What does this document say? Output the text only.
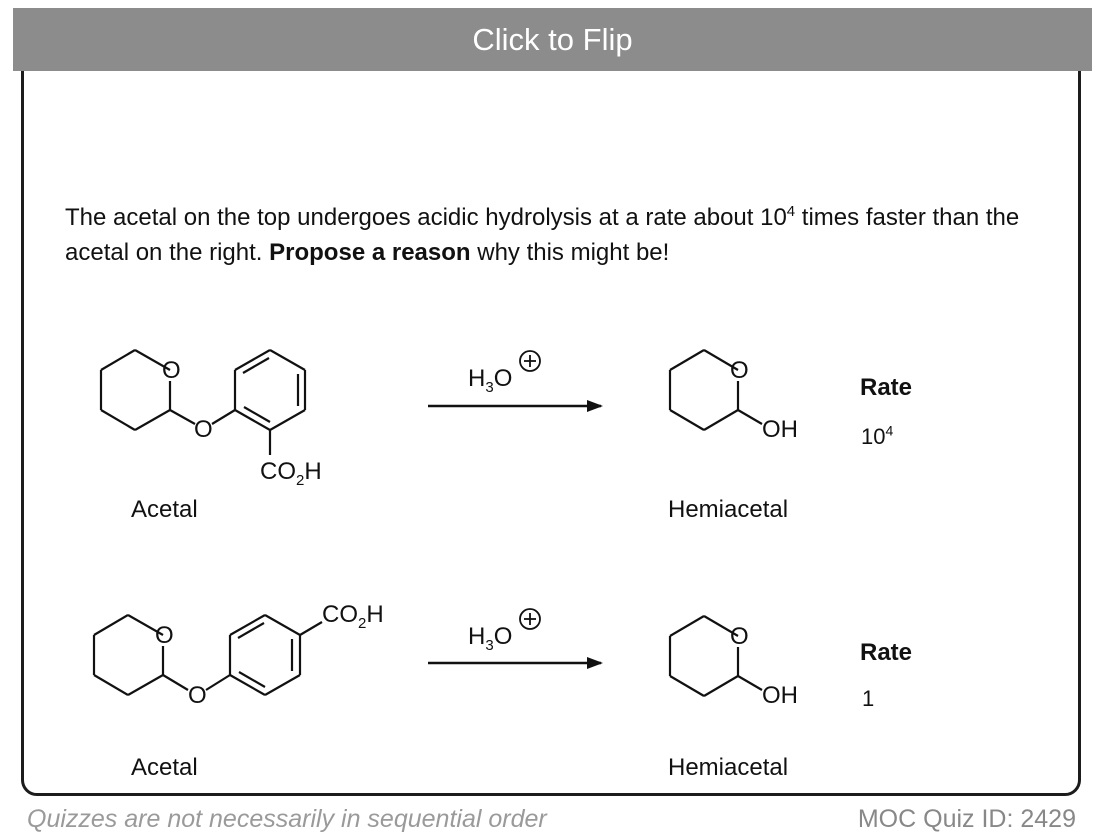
Click to Flip

The acetal on the top undergoes acidic hydrolysis at a rate about $10^4$ times faster than the acetal on the right. Propose a reason why this might be!

O
O
$CO_2H$
$H_3O$	O
OH
O
O
$CO_2H$
$H_3O$	O
OH
Acetal	Hemiacetal
Rate
$10^4$
Acetal	Hemiacetal
Rate
1
Quizzes are not necessarily in sequential order	MOC Quiz ID: 2429
